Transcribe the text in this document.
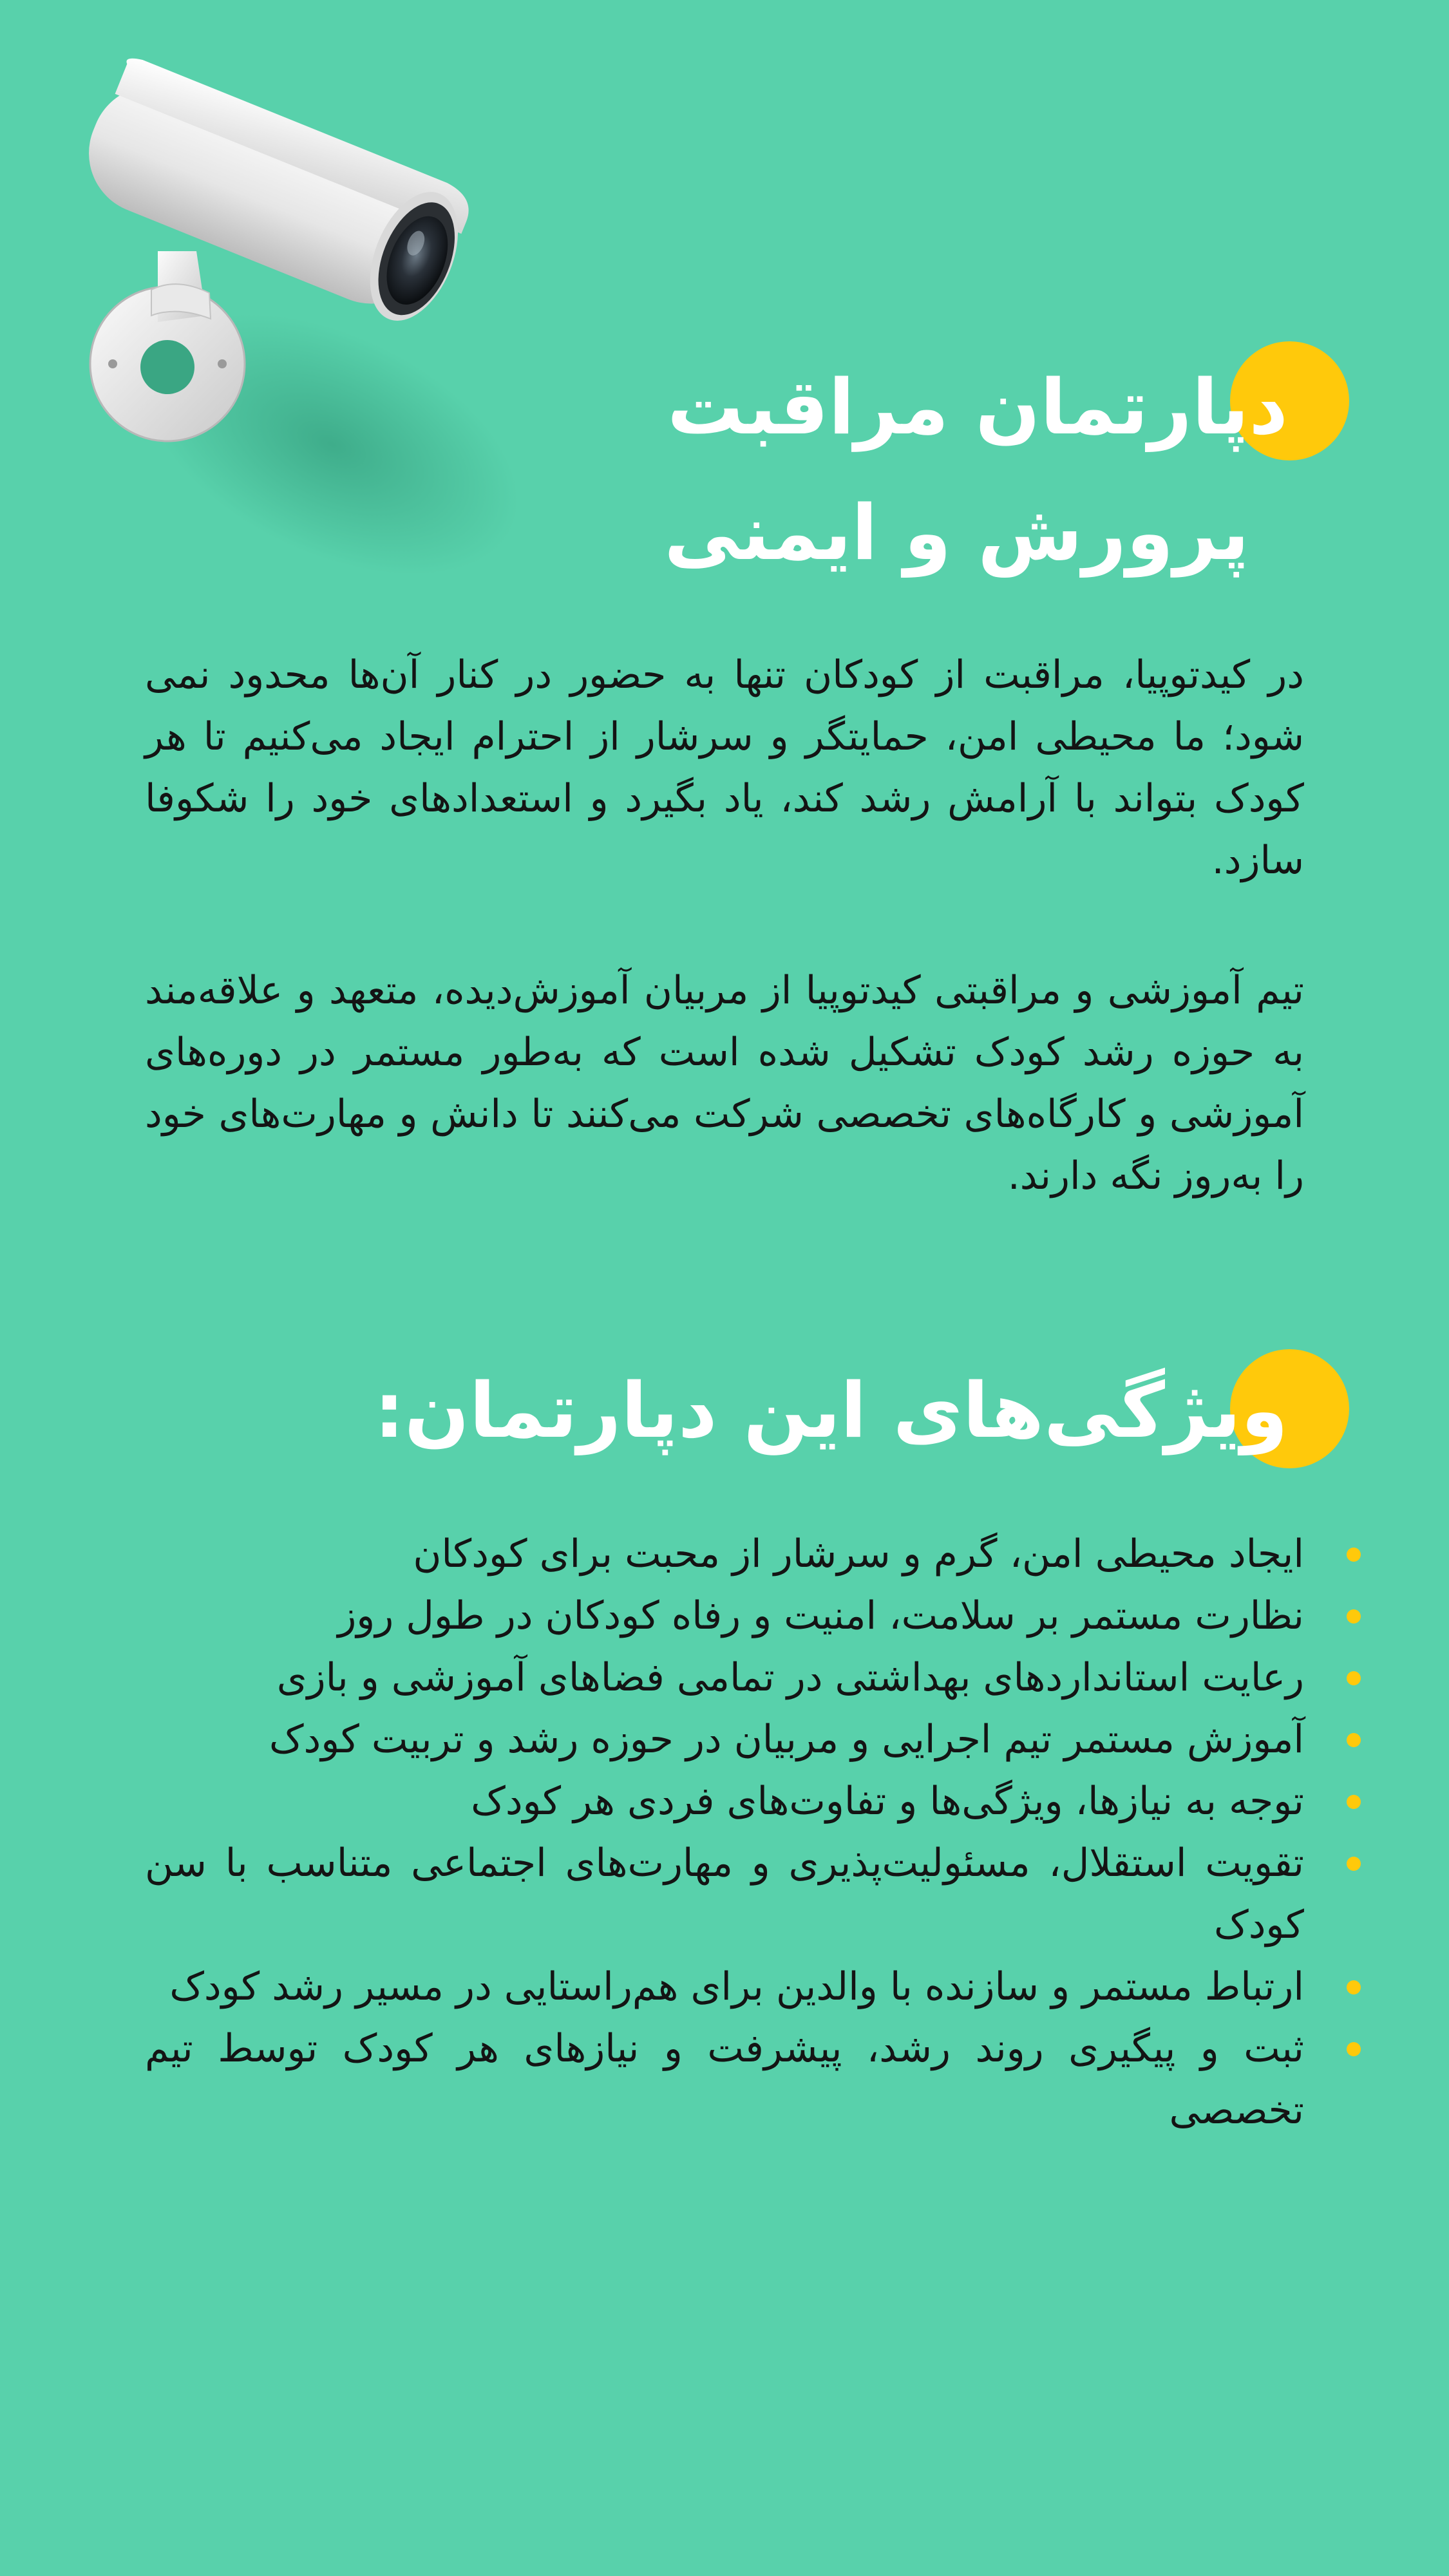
دپارتمان مراقبت
پرورش و ایمنی

در کیدتوپیا، مراقبت از کودکان تنها به حضور در کنار آن‌ها محدود نمی شود؛ ما محیطی امن، حمایتگر و سرشار از احترام ایجاد می‌کنیم تا هر کودک بتواند با آرامش رشد کند، یاد بگیرد و استعدادهای خود را شکوفا سازد.

تیم آموزشی و مراقبتی کیدتوپیا از مربیان آموزش‌دیده، متعهد و علاقه‌مند به حوزه رشد کودک تشکیل شده است که به‌طور مستمر در دوره‌های آموزشی و کارگاه‌های تخصصی شرکت می‌کنند تا دانش و مهارت‌های خود را به‌روز نگه دارند.

ویژگی‌های این دپارتمان:
ایجاد محیطی امن، گرم و سرشار از محبت برای کودکان
نظارت مستمر بر سلامت، امنیت و رفاه کودکان در طول روز
رعایت استانداردهای بهداشتی در تمامی فضاهای آموزشی و بازی
آموزش مستمر تیم اجرایی و مربیان در حوزه رشد و تربیت کودک
توجه به نیازها، ویژگی‌ها و تفاوت‌های فردی هر کودک
تقویت استقلال، مسئولیت‌پذیری و مهارت‌های اجتماعی متناسب با سن کودک
ارتباط مستمر و سازنده با والدین برای هم‌راستایی در مسیر رشد کودک
ثبت و پیگیری روند رشد، پیشرفت و نیازهای هر کودک توسط تیم تخصصی
